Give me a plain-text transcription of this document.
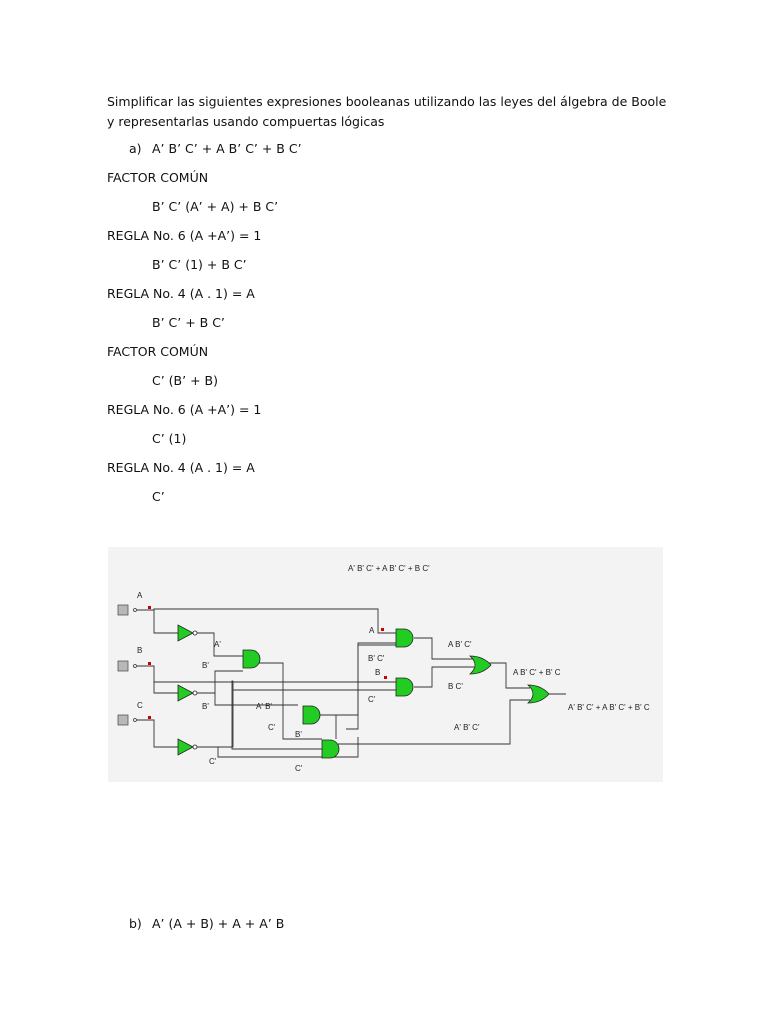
Simplificar las siguientes expresiones booleanas utilizando las leyes del álgebra de Boole y representarlas usando compuertas lógicas
a) A’ B’ C’ + A B’ C’ + B C’
FACTOR COMÚN
B’ C’ (A’ + A) + B C’
REGLA No. 6 (A +A’) = 1
B’ C’ (1) + B C’
REGLA No. 4 (A . 1) = A
B’ C’ + B C’
FACTOR COMÚN
C’ (B’ + B)
REGLA No. 6 (A +A’) = 1
C’ (1)
REGLA No. 4 (A . 1) = A
C’
A' B' C' + A B' C' + B C'
A
B
C
A'
B'
B'	A' B'
C'
B'
C'
C'
A
B' C'
B
C'
A B' C'
B C'
A B' C' + B' C
A' B' C'
A' B' C' + A B' C' + B' C
b) A’ (A + B) + A + A’ B
